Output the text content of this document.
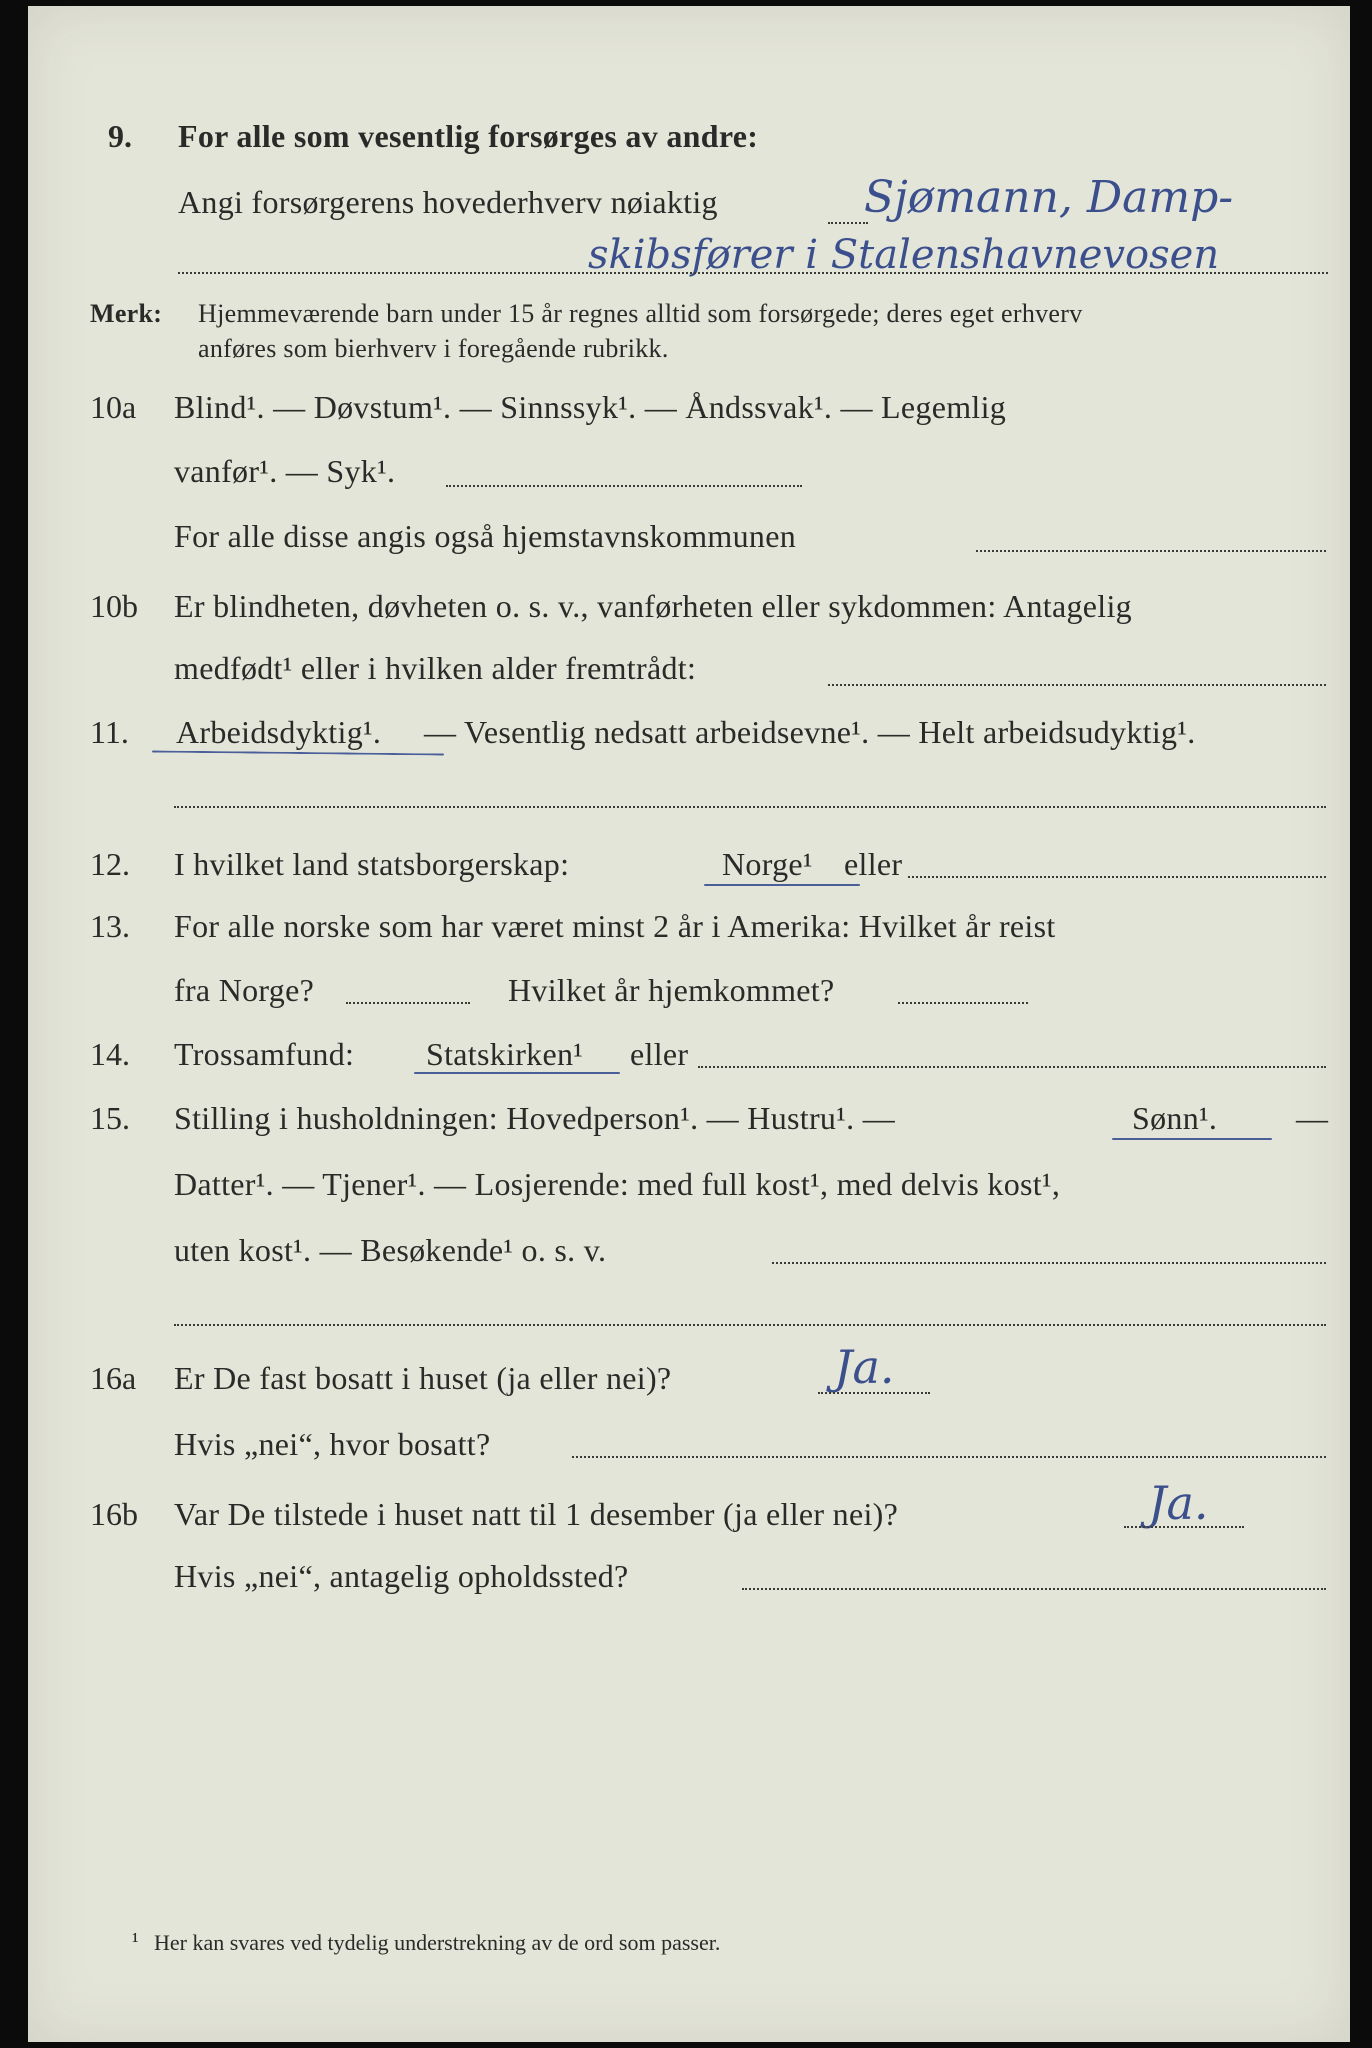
9. For alle som vesentlig forsørges av andre:
Angi forsørgerens hovederhverv nøiaktig	Sjømann, Damp-
skibsfører i Stalenshavnevosen
Merk: Hjemmeværende barn under 15 år regnes alltid som forsørgede; deres eget erhverv
anføres som bierhverv i foregående rubrikk.
10a Blind¹. — Døvstum¹. — Sinnssyk¹. — Åndssvak¹. — Legemlig
vanfør¹. — Syk¹.
For alle disse angis også hjemstavnskommunen
10b Er blindheten, døvheten o. s. v., vanførheten eller sykdommen: Antagelig
medfødt¹ eller i hvilken alder fremtrådt:
11. Arbeidsdyktig¹. — Vesentlig nedsatt arbeidsevne¹. — Helt arbeidsudyktig¹.
12. I hvilket land statsborgerskap:	Norge¹ eller
13. For alle norske som har været minst 2 år i Amerika: Hvilket år reist
fra Norge?	Hvilket år hjemkommet?
14. Trossamfund: Statskirken¹ eller
15. Stilling i husholdningen: Hovedperson¹. — Hustru¹. —	Sønn¹. —
Datter¹. — Tjener¹. — Losjerende: med full kost¹, med delvis kost¹,
uten kost¹. — Besøkende¹ o. s. v.
16a Er De fast bosatt i huset (ja eller nei)?	Ja.
Hvis „nei“, hvor bosatt?
16b Var De tilstede i huset natt til 1 desember (ja eller nei)?	Ja.
Hvis „nei“, antagelig opholdssted?
¹ Her kan svares ved tydelig understrekning av de ord som passer.
